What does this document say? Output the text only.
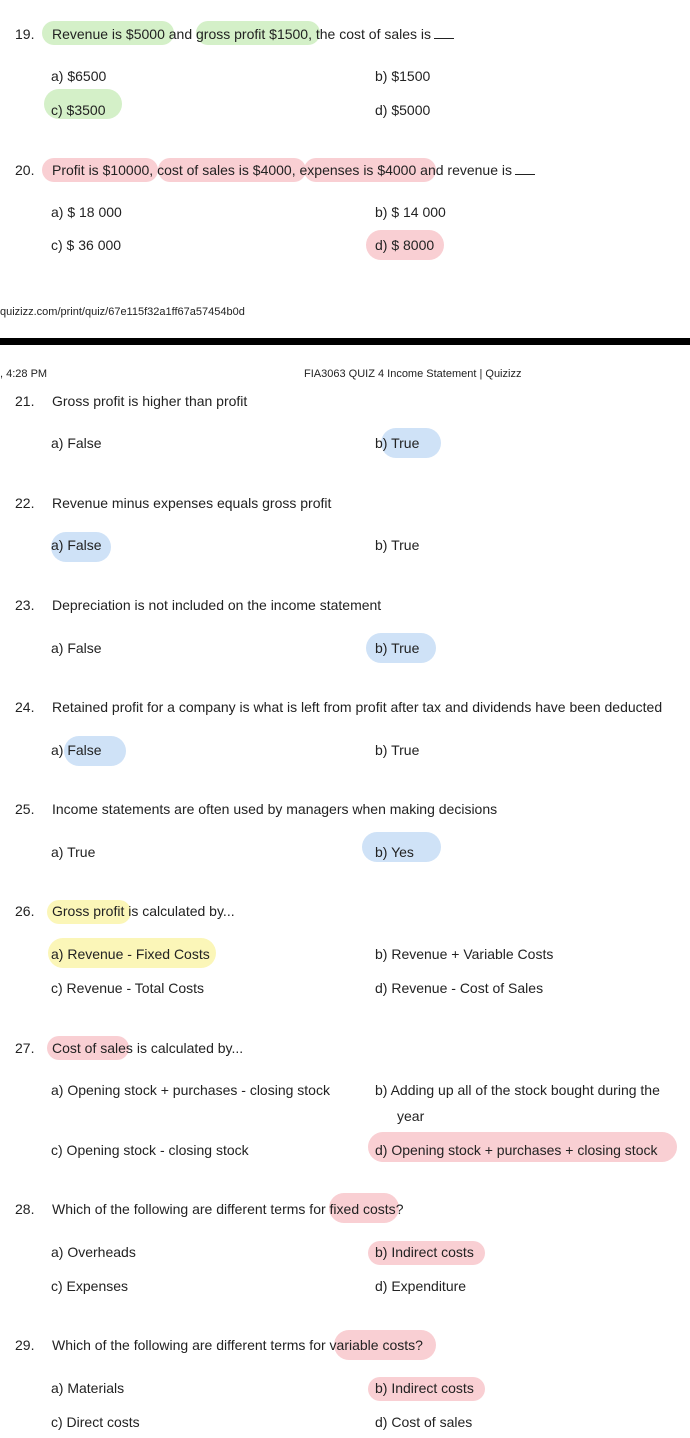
19. Revenue is $5000 and gross profit $1500, the cost of sales is
a) $6500	b) $1500
c) $3500	d) $5000
20. Profit is $10000, cost of sales is $4000, expenses is $4000 and revenue is
a) $ 18 000	b) $ 14 000
c) $ 36 000	d) $ 8000
quizizz.com/print/quiz/67e115f32a1ff67a57454b0d
, 4:28 PM	FIA3063 QUIZ 4 Income Statement | Quizizz
21. Gross profit is higher than profit
a) False	b) True
22. Revenue minus expenses equals gross profit
a) False	b) True
23. Depreciation is not included on the income statement
a) False	b) True
24. Retained profit for a company is what is left from profit after tax and dividends have been deducted
a) False	b) True
25. Income statements are often used by managers when making decisions
a) True	b) Yes
26. Gross profit is calculated by...
a) Revenue - Fixed Costs	b) Revenue + Variable Costs
c) Revenue - Total Costs	d) Revenue - Cost of Sales
27. Cost of sales is calculated by...
a) Opening stock + purchases - closing stock	b) Adding up all of the stock bought during the
year
c) Opening stock - closing stock	d) Opening stock + purchases + closing stock
28. Which of the following are different terms for fixed costs?
a) Overheads	b) Indirect costs
c) Expenses	d) Expenditure
29. Which of the following are different terms for variable costs?
a) Materials	b) Indirect costs
c) Direct costs	d) Cost of sales
